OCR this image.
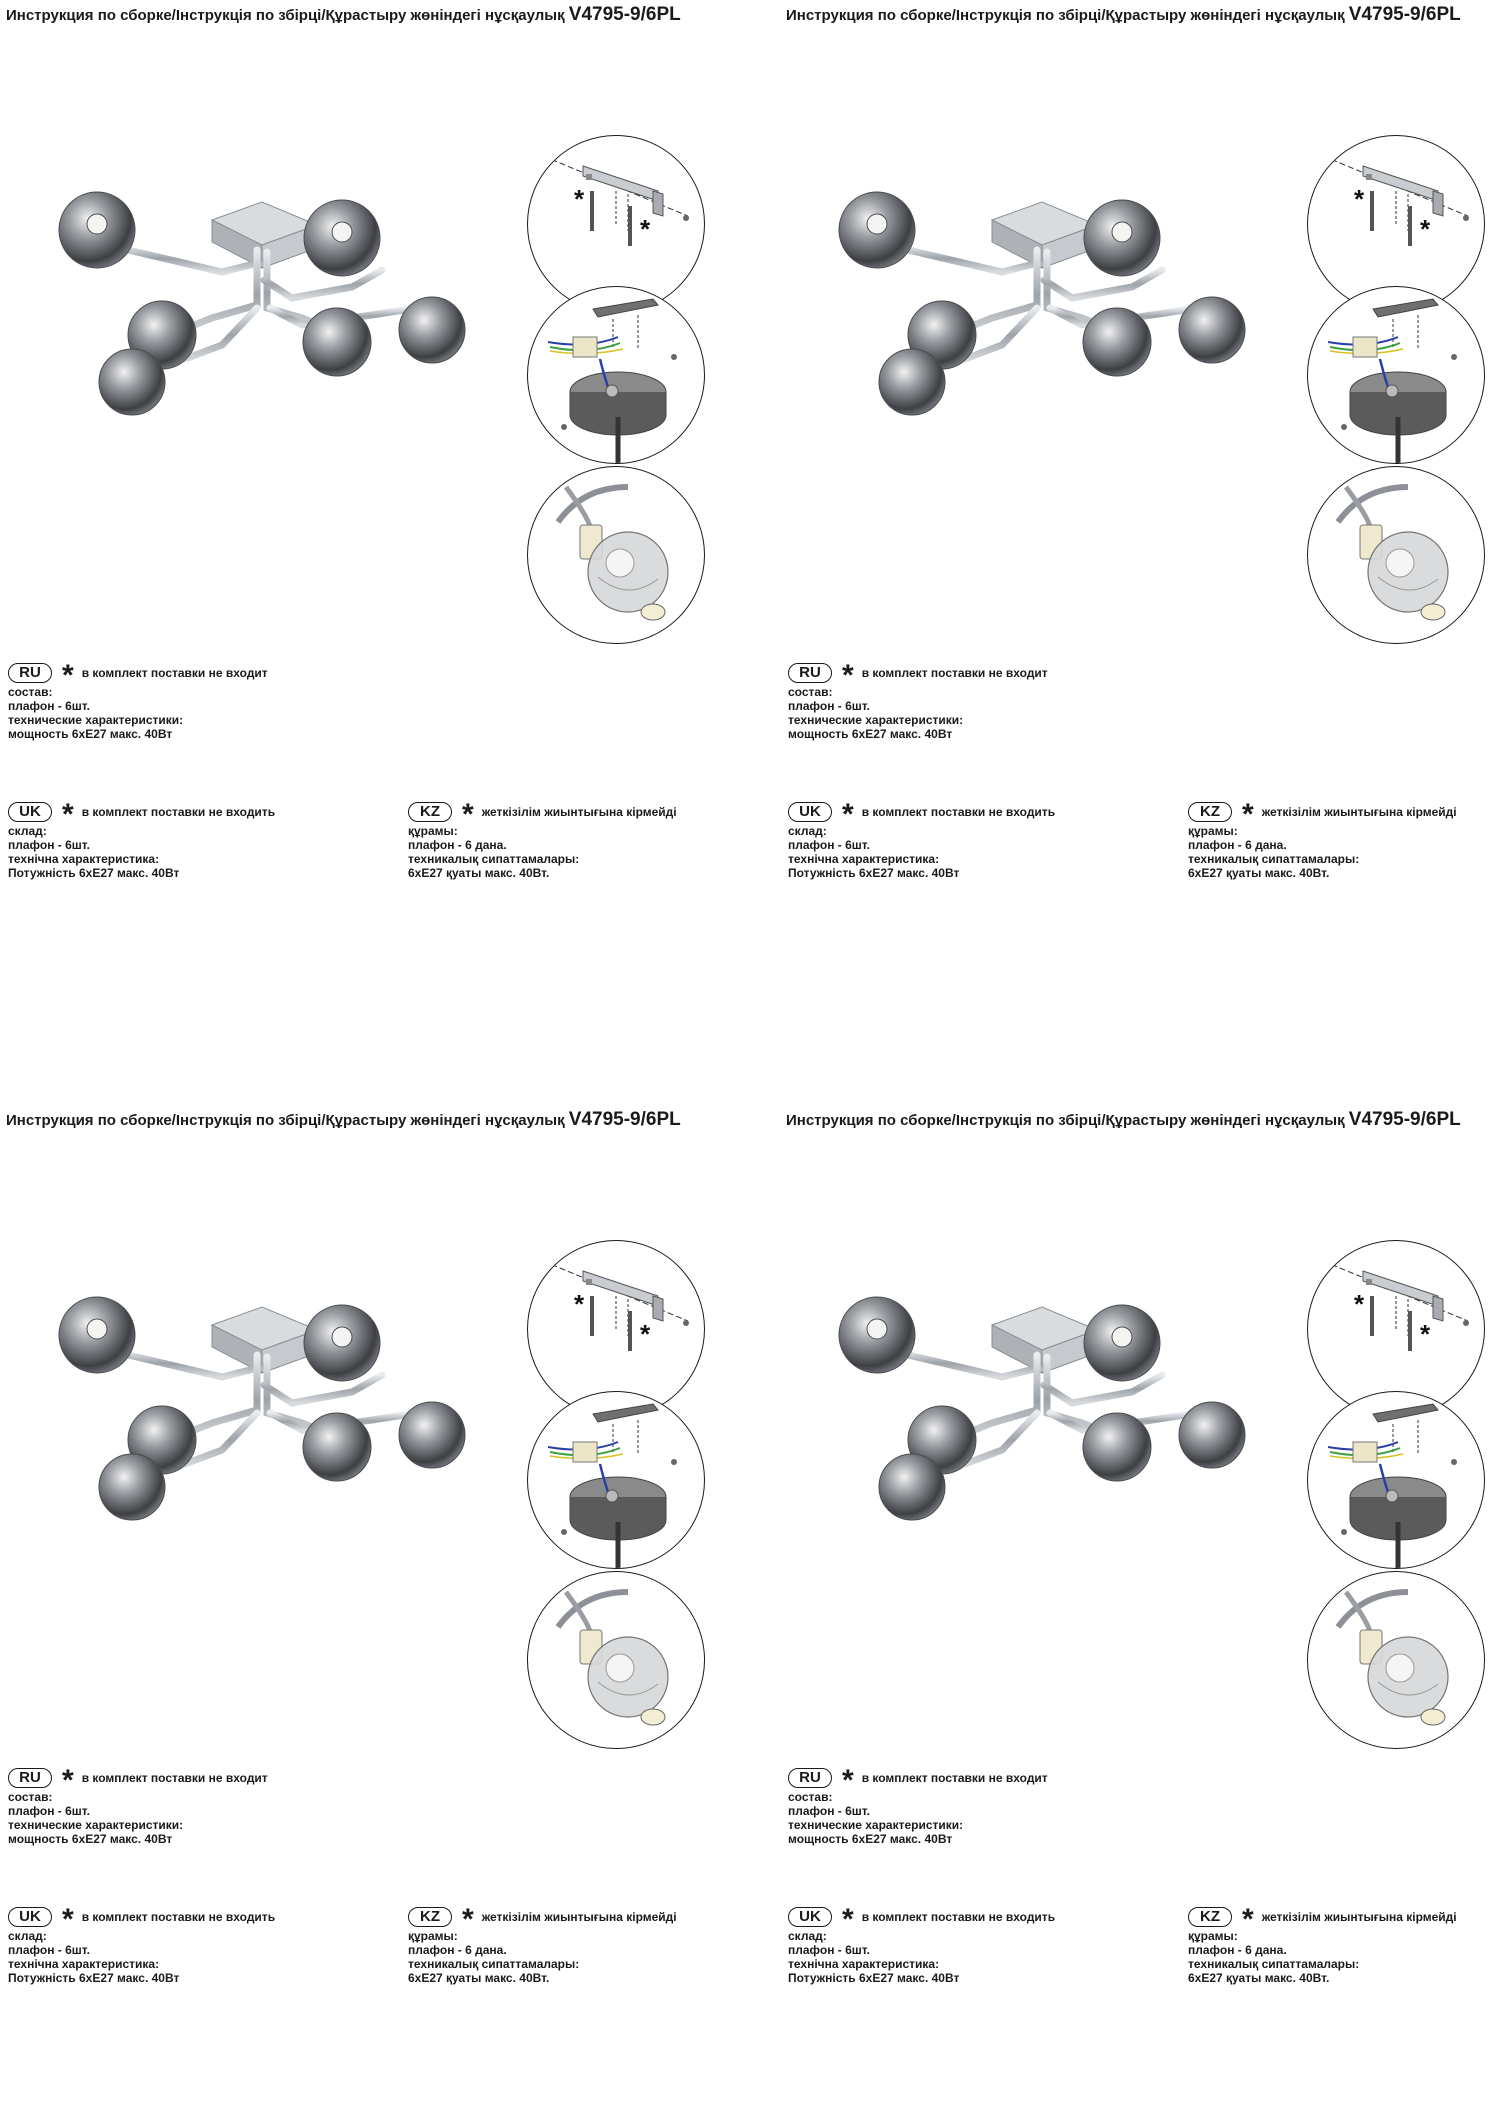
Инструкция по сборке/Інструкція по збірці/Құрастыру жөніндегі нұсқаулық V4795-9/6PL
*
*
RU * в комплект поставки не входит
состав:
плафон - 6шт.
технические характеристики:
мощность 6хЕ27 макс. 40Вт
UK * в комплект поставки не входить
склад:
плафон - 6шт.
технічна характеристика:
Потужність 6хЕ27 макс. 40Вт
KZ * жеткізілім жиынтығына кірмейді
құрамы:
плафон - 6 дана.
техникалық сипаттамалары:
6хЕ27 қуаты макс. 40Вт.
Инструкция по сборке/Інструкція по збірці/Құрастыру жөніндегі нұсқаулық V4795-9/6PL
*
*
RU * в комплект поставки не входит
состав:
плафон - 6шт.
технические характеристики:
мощность 6хЕ27 макс. 40Вт
UK * в комплект поставки не входить
склад:
плафон - 6шт.
технічна характеристика:
Потужність 6хЕ27 макс. 40Вт
KZ * жеткізілім жиынтығына кірмейді
құрамы:
плафон - 6 дана.
техникалық сипаттамалары:
6хЕ27 қуаты макс. 40Вт.
Инструкция по сборке/Інструкція по збірці/Құрастыру жөніндегі нұсқаулық V4795-9/6PL
*
*
RU * в комплект поставки не входит
состав:
плафон - 6шт.
технические характеристики:
мощность 6хЕ27 макс. 40Вт
UK * в комплект поставки не входить
склад:
плафон - 6шт.
технічна характеристика:
Потужність 6хЕ27 макс. 40Вт
KZ * жеткізілім жиынтығына кірмейді
құрамы:
плафон - 6 дана.
техникалық сипаттамалары:
6хЕ27 қуаты макс. 40Вт.
Инструкция по сборке/Інструкція по збірці/Құрастыру жөніндегі нұсқаулық V4795-9/6PL
*
*
RU * в комплект поставки не входит
состав:
плафон - 6шт.
технические характеристики:
мощность 6хЕ27 макс. 40Вт
UK * в комплект поставки не входить
склад:
плафон - 6шт.
технічна характеристика:
Потужність 6хЕ27 макс. 40Вт
KZ * жеткізілім жиынтығына кірмейді
құрамы:
плафон - 6 дана.
техникалық сипаттамалары:
6хЕ27 қуаты макс. 40Вт.
